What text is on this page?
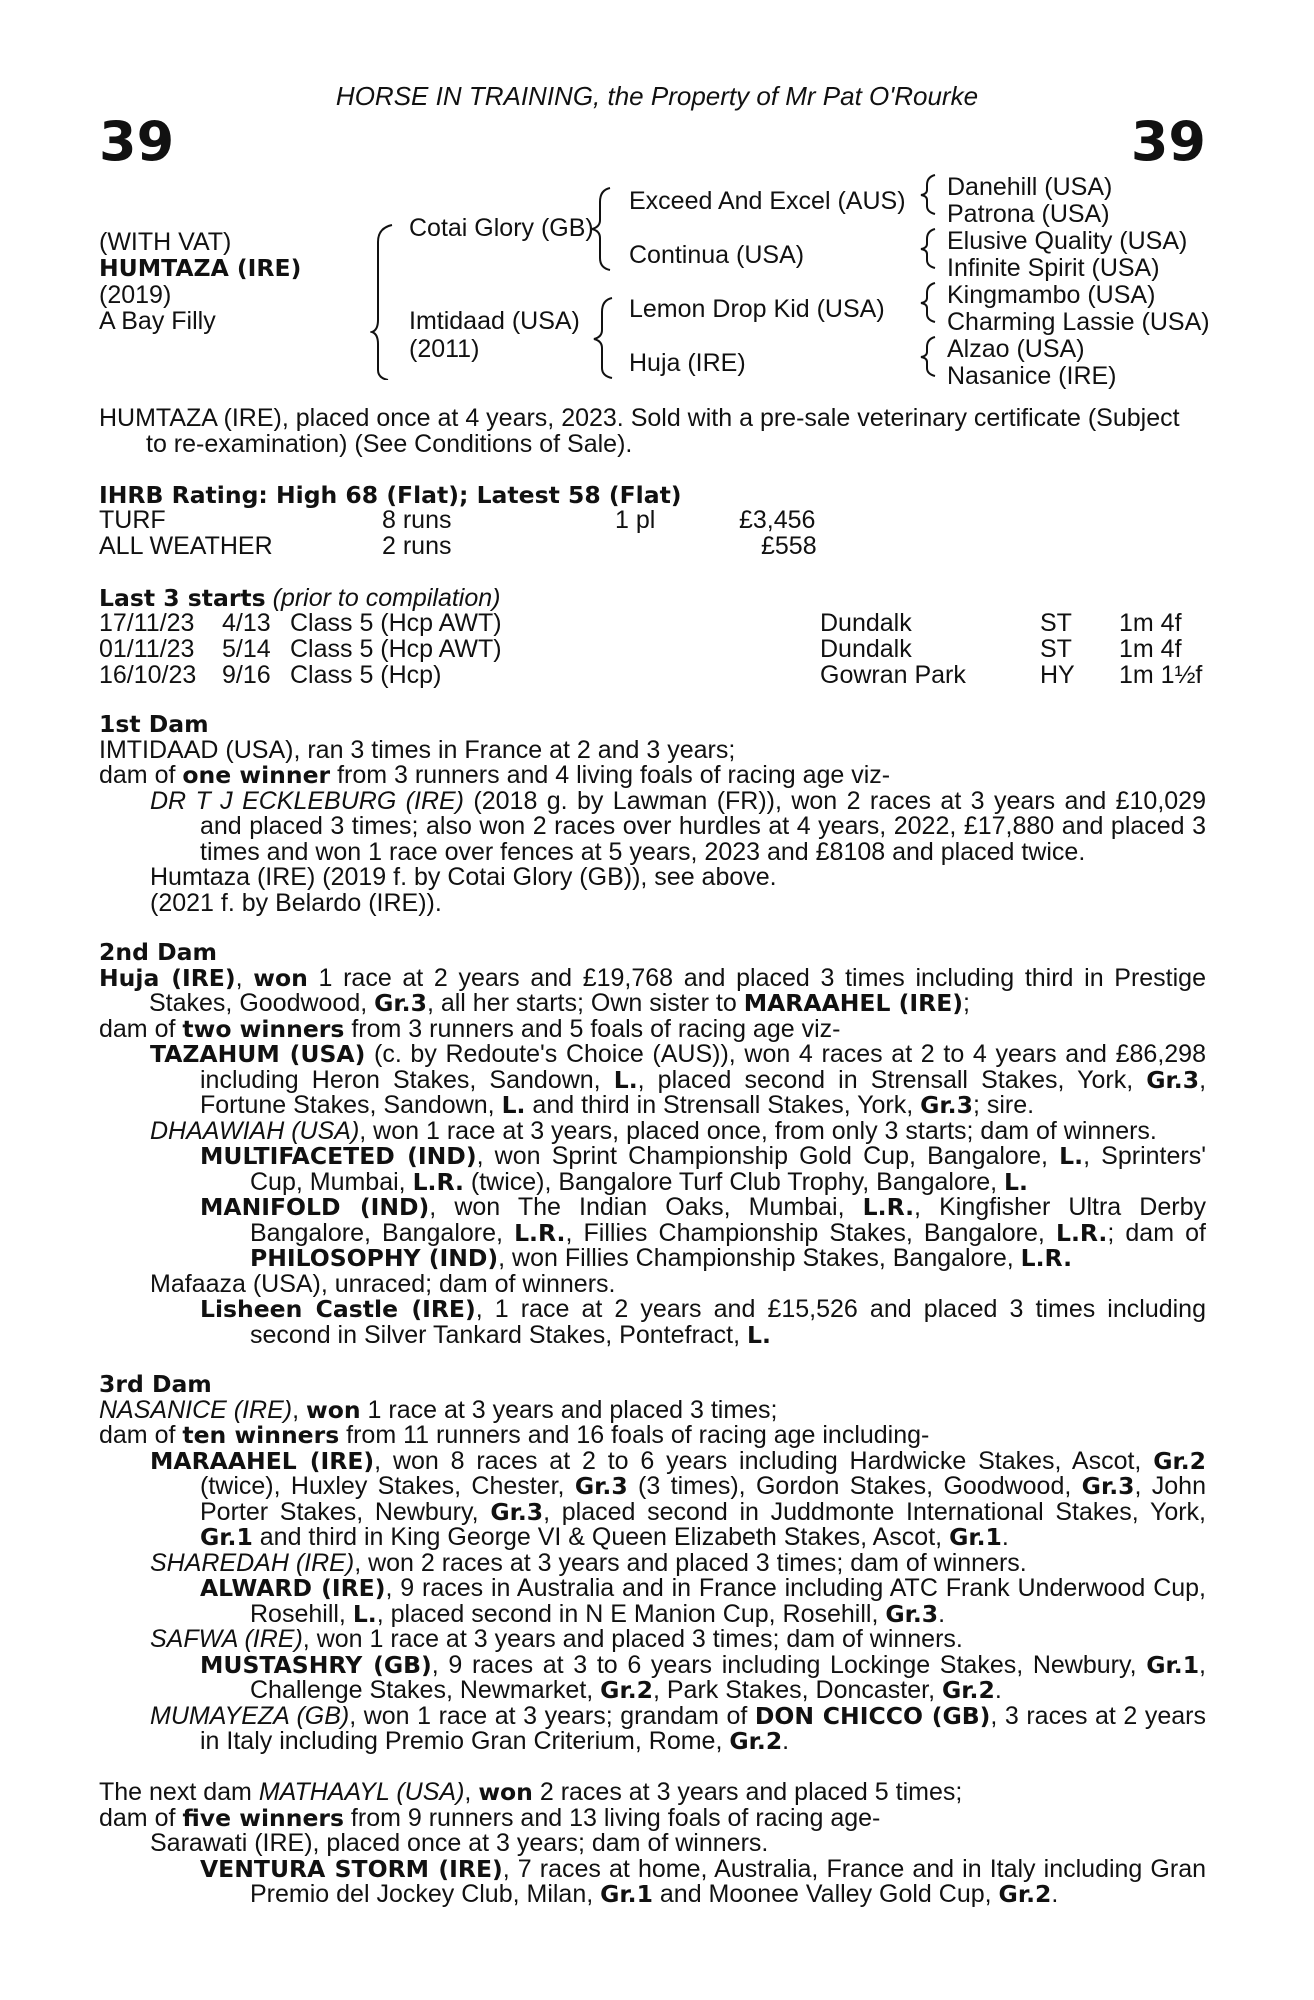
HORSE IN TRAINING, the Property of Mr Pat O'Rourke
39	39
(WITH VAT)
HUMTAZA (IRE)
(2019)
A Bay Filly
Cotai Glory (GB)
Imtidaad (USA)
(2011)
Exceed And Excel (AUS)
Continua (USA)
Lemon Drop Kid (USA)
Huja (IRE)
Danehill (USA)
Patrona (USA)
Elusive Quality (USA)
Infinite Spirit (USA)
Kingmambo (USA)
Charming Lassie (USA)
Alzao (USA)
Nasanice (IRE)
HUMTAZA (IRE), placed once at 4 years, 2023. Sold with a pre-sale veterinary certificate (Subject
to re-examination) (See Conditions of Sale).
IHRB Rating: High 68 (Flat); Latest 58 (Flat)
TURF	8 runs	1 pl	£3,456
ALL WEATHER	2 runs	£558
Last 3 starts (prior to compilation)
17/11/23 4/13 Class 5 (Hcp AWT)	Dundalk	ST 1m 4f
01/11/23 5/14 Class 5 (Hcp AWT)	Dundalk	ST 1m 4f
16/10/23 9/16 Class 5 (Hcp)	Gowran Park	HY 1m 1½f

1st Dam

IMTIDAAD (USA), ran 3 times in France at 2 and 3 years;

dam of one winner from 3 runners and 4 living foals of racing age viz-

DR T J ECKLEBURG (IRE) (2018 g. by Lawman (FR)), won 2 races at 3 years and £10,029 and placed 3 times; also won 2 races over hurdles at 4 years, 2022, £17,880 and placed 3 times and won 1 race over fences at 5 years, 2023 and £8108 and placed twice.

Humtaza (IRE) (2019 f. by Cotai Glory (GB)), see above.

(2021 f. by Belardo (IRE)).

2nd Dam

Huja (IRE), won 1 race at 2 years and £19,768 and placed 3 times including third in Prestige Stakes, Goodwood, Gr.3, all her starts; Own sister to MARAAHEL (IRE);

dam of two winners from 3 runners and 5 foals of racing age viz-

TAZAHUM (USA) (c. by Redoute's Choice (AUS)), won 4 races at 2 to 4 years and £86,298 including Heron Stakes, Sandown, L., placed second in Strensall Stakes, York, Gr.3, Fortune Stakes, Sandown, L. and third in Strensall Stakes, York, Gr.3; sire.

DHAAWIAH (USA), won 1 race at 3 years, placed once, from only 3 starts; dam of winners.

MULTIFACETED (IND), won Sprint Championship Gold Cup, Bangalore, L., Sprinters' Cup, Mumbai, L.R. (twice), Bangalore Turf Club Trophy, Bangalore, L.

MANIFOLD (IND), won The Indian Oaks, Mumbai, L.R., Kingfisher Ultra Derby Bangalore, Bangalore, L.R., Fillies Championship Stakes, Bangalore, L.R.; dam of PHILOSOPHY (IND), won Fillies Championship Stakes, Bangalore, L.R.

Mafaaza (USA), unraced; dam of winners.

Lisheen Castle (IRE), 1 race at 2 years and £15,526 and placed 3 times including second in Silver Tankard Stakes, Pontefract, L.

3rd Dam

NASANICE (IRE), won 1 race at 3 years and placed 3 times;

dam of ten winners from 11 runners and 16 foals of racing age including-

MARAAHEL (IRE), won 8 races at 2 to 6 years including Hardwicke Stakes, Ascot, Gr.2 (twice), Huxley Stakes, Chester, Gr.3 (3 times), Gordon Stakes, Goodwood, Gr.3, John Porter Stakes, Newbury, Gr.3, placed second in Juddmonte International Stakes, York, Gr.1 and third in King George VI & Queen Elizabeth Stakes, Ascot, Gr.1.

SHAREDAH (IRE), won 2 races at 3 years and placed 3 times; dam of winners.

ALWARD (IRE), 9 races in Australia and in France including ATC Frank Underwood Cup, Rosehill, L., placed second in N E Manion Cup, Rosehill, Gr.3.

SAFWA (IRE), won 1 race at 3 years and placed 3 times; dam of winners.

MUSTASHRY (GB), 9 races at 3 to 6 years including Lockinge Stakes, Newbury, Gr.1, Challenge Stakes, Newmarket, Gr.2, Park Stakes, Doncaster, Gr.2.

MUMAYEZA (GB), won 1 race at 3 years; grandam of DON CHICCO (GB), 3 races at 2 years in Italy including Premio Gran Criterium, Rome, Gr.2.

The next dam MATHAAYL (USA), won 2 races at 3 years and placed 5 times;

dam of five winners from 9 runners and 13 living foals of racing age-

Sarawati (IRE), placed once at 3 years; dam of winners.

VENTURA STORM (IRE), 7 races at home, Australia, France and in Italy including Gran Premio del Jockey Club, Milan, Gr.1 and Moonee Valley Gold Cup, Gr.2.
